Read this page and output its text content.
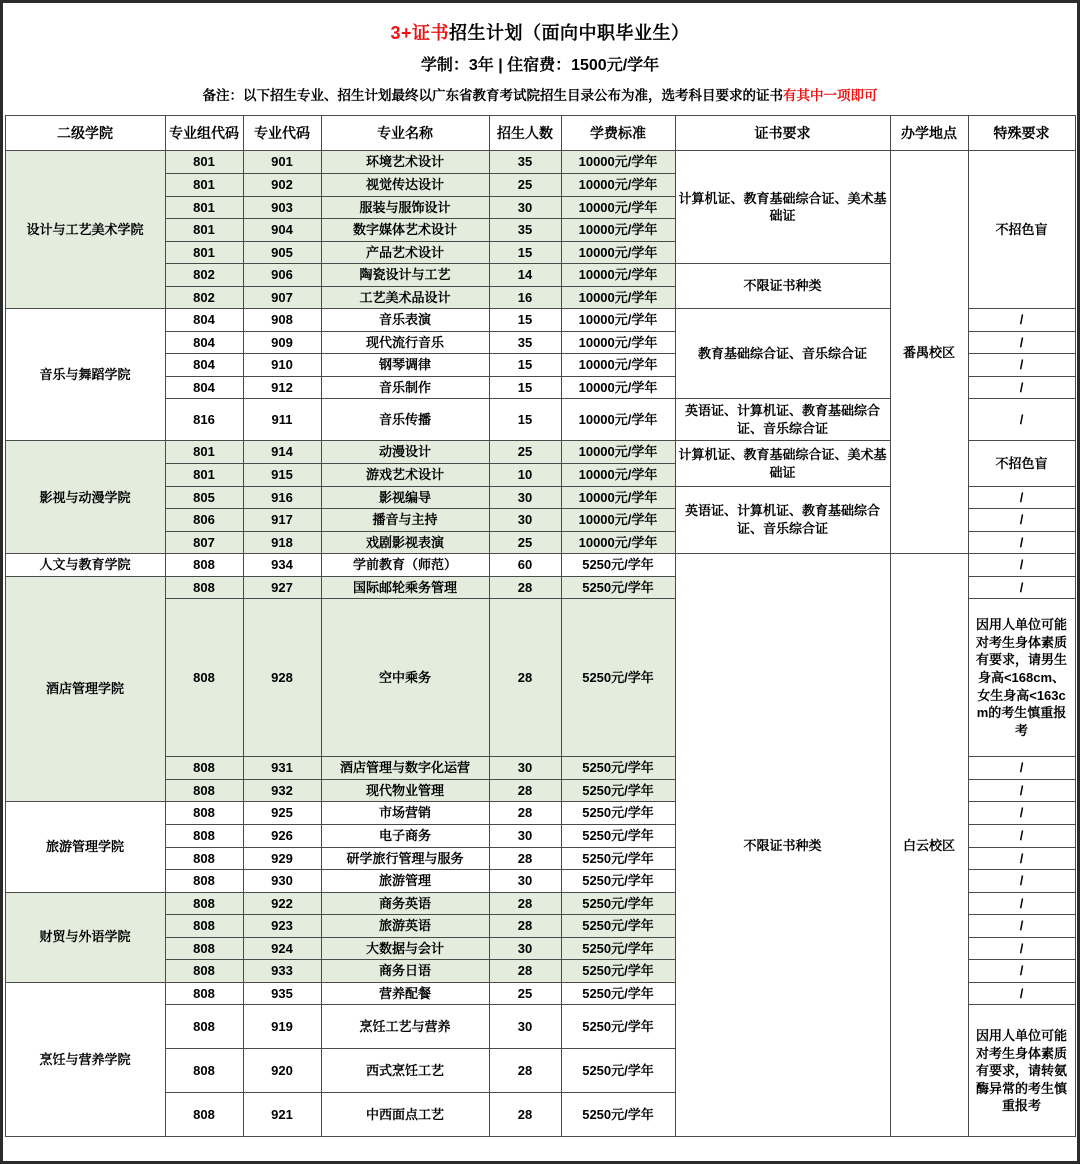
3+证书招生计划（面向中职毕业生）
学制：3年 | 住宿费：1500元/学年
备注：以下招生专业、招生计划最终以广东省教育考试院招生目录公布为准，选考科目要求的证书有其中一项即可
二级学院	专业组代码	专业代码	专业名称	招生人数	学费标准	证书要求	办学地点	特殊要求
设计与工艺美术学院	801	901	环境艺术设计	35	10000元/学年	计算机证、教育基础综合证、美术基础证	番禺校区	不招色盲
	801	902	视觉传达设计	25	10000元/学年			
	801	903	服装与服饰设计	30	10000元/学年			
	801	904	数字媒体艺术设计	35	10000元/学年			
	801	905	产品艺术设计	15	10000元/学年			
	802	906	陶瓷设计与工艺	14	10000元/学年	不限证书种类		
	802	907	工艺美术品设计	16	10000元/学年			
音乐与舞蹈学院	804	908	音乐表演	15	10000元/学年	教育基础综合证、音乐综合证		/
	804	909	现代流行音乐	35	10000元/学年			/
	804	910	钢琴调律	15	10000元/学年			/
	804	912	音乐制作	15	10000元/学年			/
	816	911	音乐传播	15	10000元/学年	英语证、计算机证、教育基础综合证、音乐综合证		/
影视与动漫学院	801	914	动漫设计	25	10000元/学年	计算机证、教育基础综合证、美术基础证		不招色盲
	801	915	游戏艺术设计	10	10000元/学年			
	805	916	影视编导	30	10000元/学年	英语证、计算机证、教育基础综合证、音乐综合证		/
	806	917	播音与主持	30	10000元/学年			/
	807	918	戏剧影视表演	25	10000元/学年			/
人文与教育学院	808	934	学前教育（师范）	60	5250元/学年	不限证书种类	白云校区	/
酒店管理学院	808	927	国际邮轮乘务管理	28	5250元/学年			/
	808	928	空中乘务	28	5250元/学年			因用人单位可能对考生身体素质有要求，请男生身高<168cm、女生身高<163cm的考生慎重报考
	808	931	酒店管理与数字化运营	30	5250元/学年			/
	808	932	现代物业管理	28	5250元/学年			/
旅游管理学院	808	925	市场营销	28	5250元/学年			/
	808	926	电子商务	30	5250元/学年			/
	808	929	研学旅行管理与服务	28	5250元/学年			/
	808	930	旅游管理	30	5250元/学年			/
财贸与外语学院	808	922	商务英语	28	5250元/学年			/
	808	923	旅游英语	28	5250元/学年			/
	808	924	大数据与会计	30	5250元/学年			/
	808	933	商务日语	28	5250元/学年			/
烹饪与营养学院	808	935	营养配餐	25	5250元/学年			/
	808	919	烹饪工艺与营养	30	5250元/学年			因用人单位可能对考生身体素质有要求，请转氨酶异常的考生慎重报考
	808	920	西式烹饪工艺	28	5250元/学年			
	808	921	中西面点工艺	28	5250元/学年			
